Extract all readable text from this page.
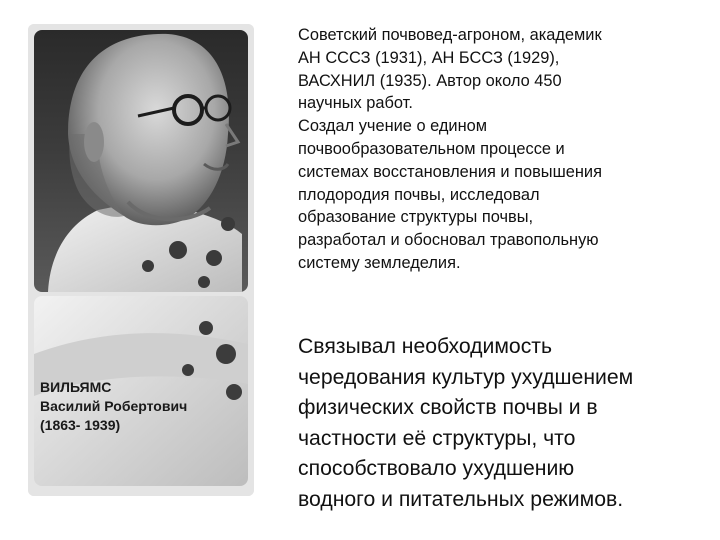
ВИЛЬЯМС
Василий Робертович
(1863- 1939)
Советский почвовед-агроном, академик
АН СССЗ (1931), АН БССЗ (1929),
ВАСХНИЛ (1935). Автор около 450
научных работ.
Создал учение о едином
почвообразовательном процессе и
системах восстановления и повышения
плодородия почвы, исследовал
образование структуры почвы,
разработал и обосновал травопольную
систему земледелия.
Связывал необходимость
чередования культур ухудшением
физических свойств почвы и в
частности её структуры, что
способствовало ухудшению
водного и питательных режимов.
